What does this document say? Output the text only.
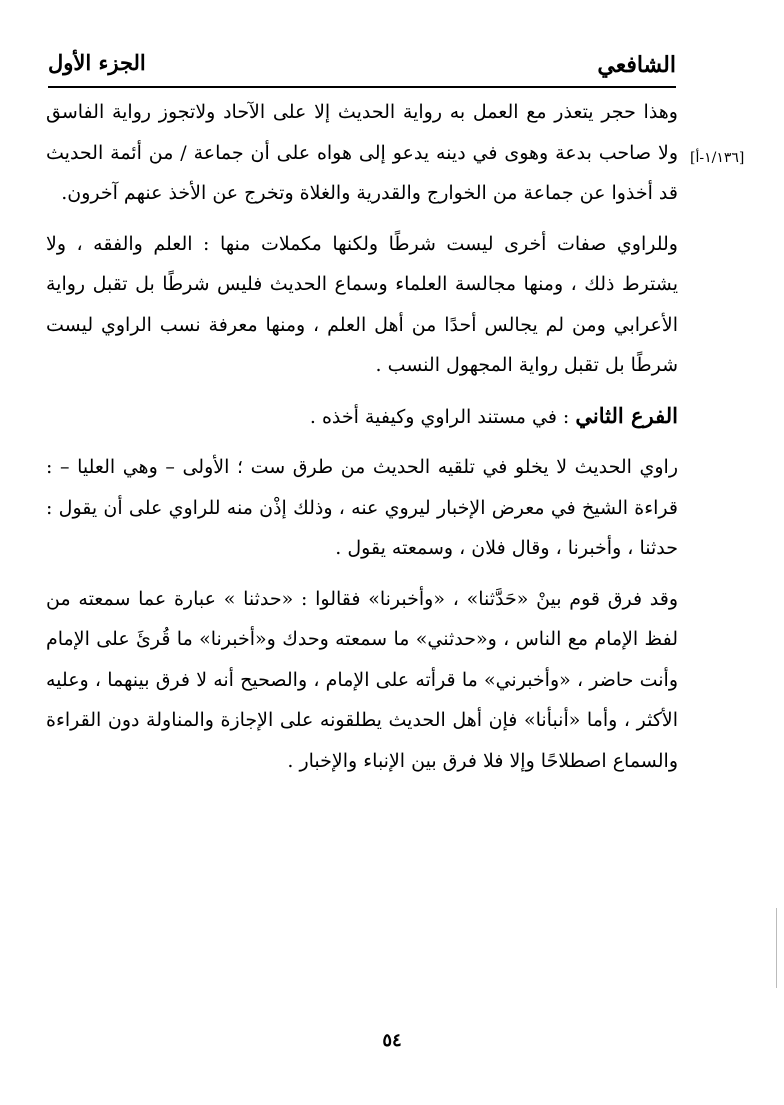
الشافعي
الجزء الأول
[١/١٣٦-أ]

وهذا حجر يتعذر مع العمل به رواية الحديث إلا على الآحاد ولاتجوز رواية الفاسق ولا صاحب بدعة وهوى في دينه يدعو إلى هواه على أن جماعة / من أئمة الحديث قد أخذوا عن جماعة من الخوارج والقدرية والغلاة وتخرج عن الأخذ عنهم آخرون.

وللراوي صفات أخرى ليست شرطًا ولكنها مكملات منها : العلم والفقه ، ولا يشترط ذلك ، ومنها مجالسة العلماء وسماع الحديث فليس شرطًا بل تقبل رواية الأعرابي ومن لم يجالس أحدًا من أهل العلم ، ومنها معرفة نسب الراوي ليست شرطًا بل تقبل رواية المجهول النسب .

الفرع الثاني : في مستند الراوي وكيفية أخذه .

راوي الحديث لا يخلو في تلقيه الحديث من طرق ست ؛ الأولى – وهي العليا – : قراءة الشيخ في معرض الإخبار ليروي عنه ، وذلك إذْن منه للراوي على أن يقول : حدثنا ، وأخبرنا ، وقال فلان ، وسمعته يقول .

وقد فرق قوم بينْ «حَدَّثنا» ، «وأخبرنا» فقالوا : «حدثنا » عبارة عما سمعته من لفظ الإمام مع الناس ، و«حدثني» ما سمعته وحدك و«أخبرنا» ما قُرئَ على الإمام وأنت حاضر ، «وأخبرني» ما قرأته على الإمام ، والصحيح أنه لا فرق بينهما ، وعليه الأكثر ، وأما «أنبأنا» فإن أهل الحديث يطلقونه على الإجازة والمناولة دون القراءة والسماع اصطلاحًا وإلا فلا فرق بين الإنباء والإخبار .

٥٤
